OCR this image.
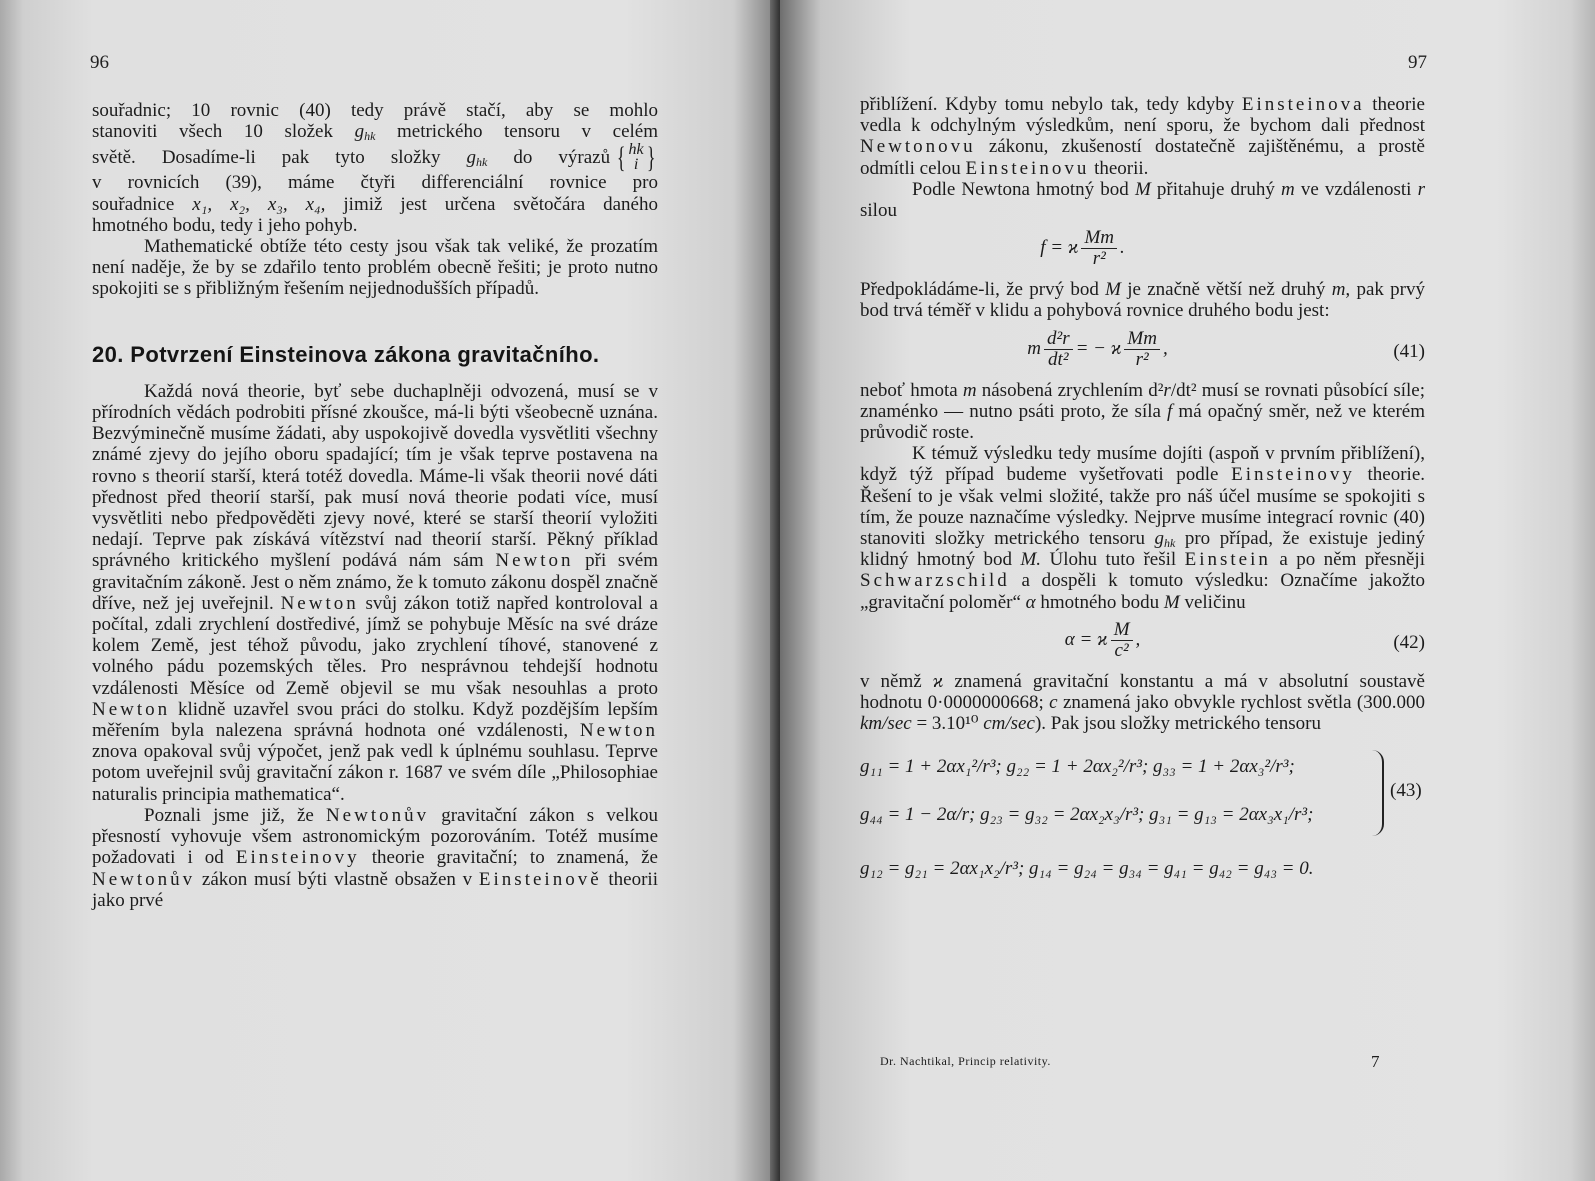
96
souřadnic; 10 rovnic (40) tedy právě stačí, aby se mohlo
stanoviti všech 10 složek $g_{hk}$ metrického tensoru v celém
světě. Dosadíme-li pak tyto složky $g_{hk}$ do výrazů { hk
i }
v rovnicích (39), máme čtyři differenciální rovnice pro
souřadnice x₁, x₂, x₃, x₄, jimiž jest určena světočára daného
hmotného bodu, tedy i jeho pohyb.

Mathematické obtíže této cesty jsou však tak veliké, že prozatím není naděje, že by se zdařilo tento problém obecně řešiti; je proto nutno spokojiti se s přibližným řešením nejjednodušších případů.

20. Potvrzení Einsteinova zákona gravitačního.

Každá nová theorie, byť sebe duchaplněji odvozená, musí se v přírodních vědách podrobiti přísné zkoušce, má-li býti všeobecně uznána. Bezvýminečně musíme žádati, aby uspokojivě dovedla vysvětliti všechny známé zjevy do jejího oboru spadající; tím je však teprve postavena na rovno s theorií starší, která totéž dovedla. Máme-li však theorii nové dáti přednost před theorií starší, pak musí nová theorie podati více, musí vysvětliti nebo předpověděti zjevy nové, které se starší theorií vyložiti nedají. Teprve pak získává vítězství nad theorií starší. Pěkný příklad správného kritického myšlení podává nám sám Newton při svém gravitačním zákoně. Jest o něm známo, že k tomuto zákonu dospěl značně dříve, než jej uveřejnil. Newton svůj zákon totiž napřed kontroloval a počítal, zdali zrychlení dostředivé, jímž se pohybuje Měsíc na své dráze kolem Země, jest téhož původu, jako zrychlení tíhové, stanovené z volného pádu pozemských těles. Pro nesprávnou tehdejší hodnotu vzdálenosti Měsíce od Země objevil se mu však nesouhlas a proto Newton klidně uzavřel svou práci do stolku. Když pozdějším lepším měřením byla nalezena správná hodnota oné vzdálenosti, Newton znova opakoval svůj výpočet, jenž pak vedl k úplnému souhlasu. Teprve potom uveřejnil svůj gravitační zákon r. 1687 ve svém díle „Philosophiae naturalis principia mathematica“.

Poznali jsme již, že Newtonův gravitační zákon s velkou přesností vyhovuje všem astronomickým pozorováním. Totéž musíme požadovati i od Einsteinovy theorie gravitační; to znamená, že Newtonův zákon musí býti vlastně obsažen v Einsteinově theorii jako prvé

97

přiblížení. Kdyby tomu nebylo tak, tedy kdyby Einsteinova theorie vedla k odchylným výsledkům, není sporu, že bychom dali přednost Newtonovu zákonu, zkušeností dostatečně zajištěnému, a prostě odmítli celou Einsteinovu theorii.

Podle Newtona hmotný bod M přitahuje druhý m ve vzdálenosti r silou

f = ϰ $\frac{Mm}{\text{r²}}$ .

Předpokládáme-li, že prvý bod M je značně větší než druhý m, pak prvý bod trvá téměř v klidu a pohybová rovnice druhého bodu jest:

m $\frac{\text{d²r}}{\text{dt²}}$ = − ϰ $\frac{Mm}{\text{r²}}$ ,	(41)

neboť hmota m násobená zrychlením d²r/dt² musí se rovnati působící síle; znaménko — nutno psáti proto, že síla f má opačný směr, než ve kterém průvodič roste.

K témuž výsledku tedy musíme dojíti (aspoň v prvním přiblížení), když týž případ budeme vyšetřovati podle Einsteinovy theorie. Řešení to je však velmi složité, takže pro náš účel musíme se spokojiti s tím, že pouze naznačíme výsledky. Nejprve musíme integrací rovnic (40) stanoviti složky metrického tensoru $g_{hk}$ pro případ, že existuje jediný klidný hmotný bod M. Úlohu tuto řešil Einstein a po něm přesněji Schwarzschild a dospěli k tomuto výsledku: Označíme jakožto „gravitační poloměr“ α hmotného bodu M veličinu

α = ϰ $\frac{M}{\text{c²}}$ ,	(42)

v němž ϰ znamená gravitační konstantu a má v absolutní soustavě hodnotu 0·0000000668; c znamená jako obvykle rychlost světla (300.000 km/sec = 3.10¹⁰ cm/sec). Pak jsou složky metrického tensoru

g₁₁ = 1 + 2αx₁²/r³; g₂₂ = 1 + 2αx₂²/r³; g₃₃ = 1 + 2αx₃²/r³;
g₄₄ = 1 − 2α/r; g₂₃ = g₃₂ = 2αx₂x₃/r³; g₃₁ = g₁₃ = 2αx₃x₁/r³;
g₁₂ = g₂₁ = 2αx₁x₂/r³; g₁₄ = g₂₄ = g₃₄ = g₄₁ = g₄₂ = g₄₃ = 0.
(43)
Dr. Nachtikal, Princip relativity.	7
